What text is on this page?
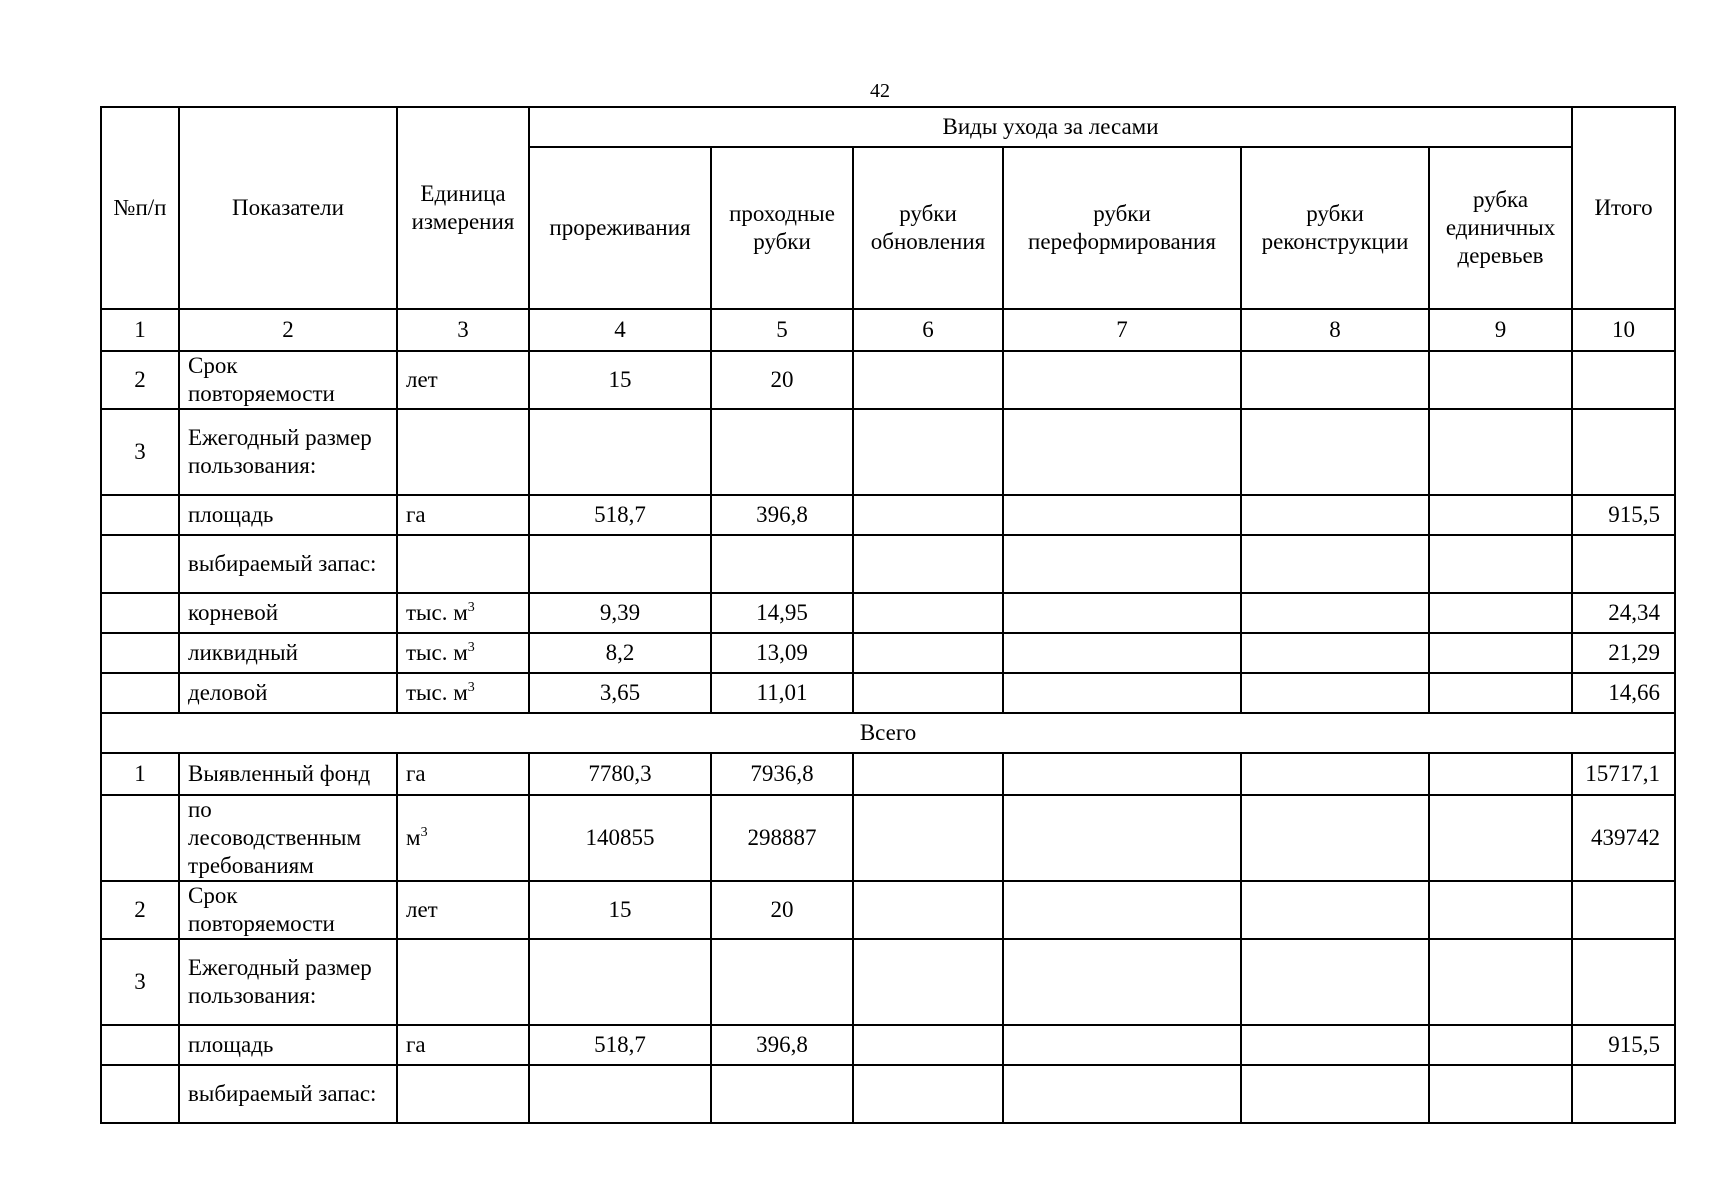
42
№п/п	Показатели	Единица измерения	Виды ухода за лесами						Итого
			прореживания	проходные рубки	рубки обновления	рубки переформирования	рубки реконструкции	рубка единичных деревьев	
1	2	3	4	5	6	7	8	9	10
2	Срок повторяемости	лет	15	20					
3	Ежегодный размер пользования:								
	площадь	га	518,7	396,8					915,5
	выбираемый запас:								
	корневой	тыс. $м^3$	9,39	14,95					24,34
	ликвидный	тыс. $м^3$	8,2	13,09					21,29
	деловой	тыс. $м^3$	3,65	11,01					14,66
Всего									
1	Выявленный фонд	га	7780,3	7936,8					15717,1
	по лесоводственным требованиям	$м^3$	140855	298887					439742
2	Срок повторяемости	лет	15	20					
3	Ежегодный размер пользования:								
	площадь	га	518,7	396,8					915,5
	выбираемый запас:								
